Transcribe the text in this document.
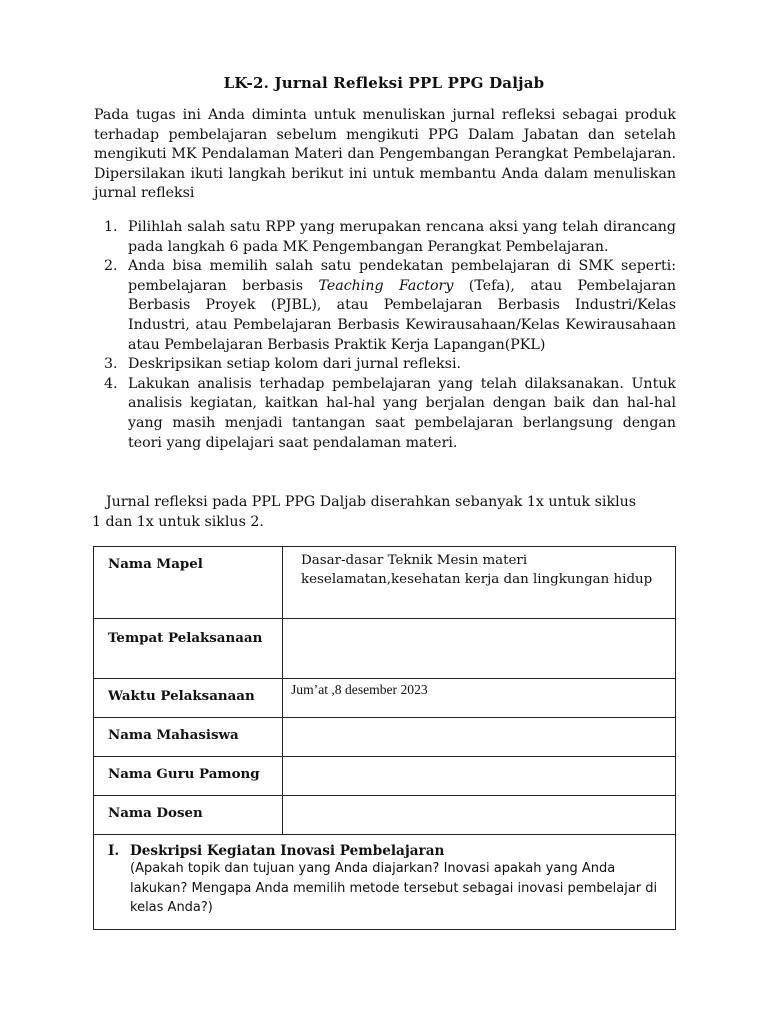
LK-2. Jurnal Refleksi PPL PPG Daljab

Pada tugas ini Anda diminta untuk menuliskan jurnal refleksi sebagai produk terhadap pembelajaran sebelum mengikuti PPG Dalam Jabatan dan setelah mengikuti MK Pendalaman Materi dan Pengembangan Perangkat Pembelajaran. Dipersilakan ikuti langkah berikut ini untuk membantu Anda dalam menuliskan jurnal refleksi

1. Pilihlah salah satu RPP yang merupakan rencana aksi yang telah dirancang pada langkah 6 pada MK Pengembangan Perangkat Pembelajaran.
2. Anda bisa memilih salah satu pendekatan pembelajaran di SMK seperti: pembelajaran berbasis Teaching Factory (Tefa), atau Pembelajaran Berbasis Proyek (PJBL), atau Pembelajaran Berbasis Industri/Kelas Industri, atau Pembelajaran Berbasis Kewirausahaan/Kelas Kewirausahaan atau Pembelajaran Berbasis Praktik Kerja Lapangan(PKL)
3. Deskripsikan setiap kolom dari jurnal refleksi.
4. Lakukan analisis terhadap pembelajaran yang telah dilaksanakan. Untuk analisis kegiatan, kaitkan hal-hal yang berjalan dengan baik dan hal-hal yang masih menjadi tantangan saat pembelajaran berlangsung dengan teori yang dipelajari saat pendalaman materi.
Jurnal refleksi pada PPL PPG Daljab diserahkan sebanyak 1x untuk siklus
1 dan 1x untuk siklus 2.
Nama Mapel	Dasar-dasar Teknik Mesin materi keselamatan,kesehatan kerja dan lingkungan hidup

Tempat Pelaksanaan	
Waktu Pelaksanaan	Jum’at ,8 desember 2023
Nama Mahasiswa	
Nama Guru Pamong	
Nama Dosen	

I. Deskripsi Kegiatan Inovasi Pembelajaran
(Apakah topik dan tujuan yang Anda diajarkan? Inovasi apakah yang Anda lakukan? Mengapa Anda memilih metode tersebut sebagai inovasi pembelajar di kelas Anda?)	
